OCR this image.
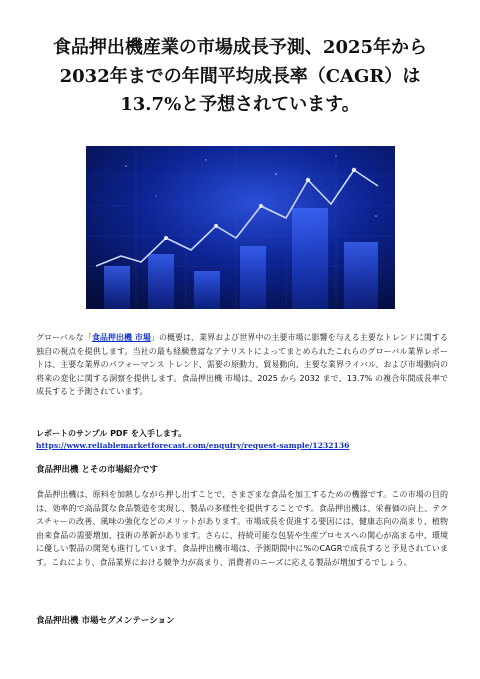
食品押出機産業の市場成長予測、2025年から
2032年までの年間平均成長率（CAGR）は
13.7%と予想されています。

グローバルな「食品押出機 市場」の概要は、業界および世界中の主要市場に影響を与える主要なトレンドに関する独自の視点を提供します。当社の最も経験豊富なアナリストによってまとめられたこれらのグローバル業界レポートは、主要な業界のパフォーマンス トレンド、需要の原動力、貿易動向、主要な業界ライバル、および市場動向の将来の変化に関する洞察を提供します。食品押出機 市場は、2025 から 2032 まで、13.7% の複合年間成長率で成長すると予測されています。

レポートのサンプル PDF を入手します。
https://www.reliablemarketforecast.com/enquiry/request-sample/1232136
食品押出機 とその市場紹介です

食品押出機は、原料を加熱しながら押し出すことで、さまざまな食品を加工するための機器です。この市場の目的は、効率的で高品質な食品製造を実現し、製品の多様性を提供することです。食品押出機は、栄養価の向上、テクスチャーの改善、風味の強化などのメリットがあります。市場成長を促進する要因には、健康志向の高まり、植物由来食品の需要増加、技術の革新があります。さらに、持続可能な包装や生産プロセスへの関心が高まる中、環境に優しい製品の開発も進行しています。食品押出機市場は、予測期間中に%のCAGRで成長すると予見されています。これにより、食品業界における競争力が高まり、消費者のニーズに応える製品が増加するでしょう。

食品押出機 市場セグメンテーション
